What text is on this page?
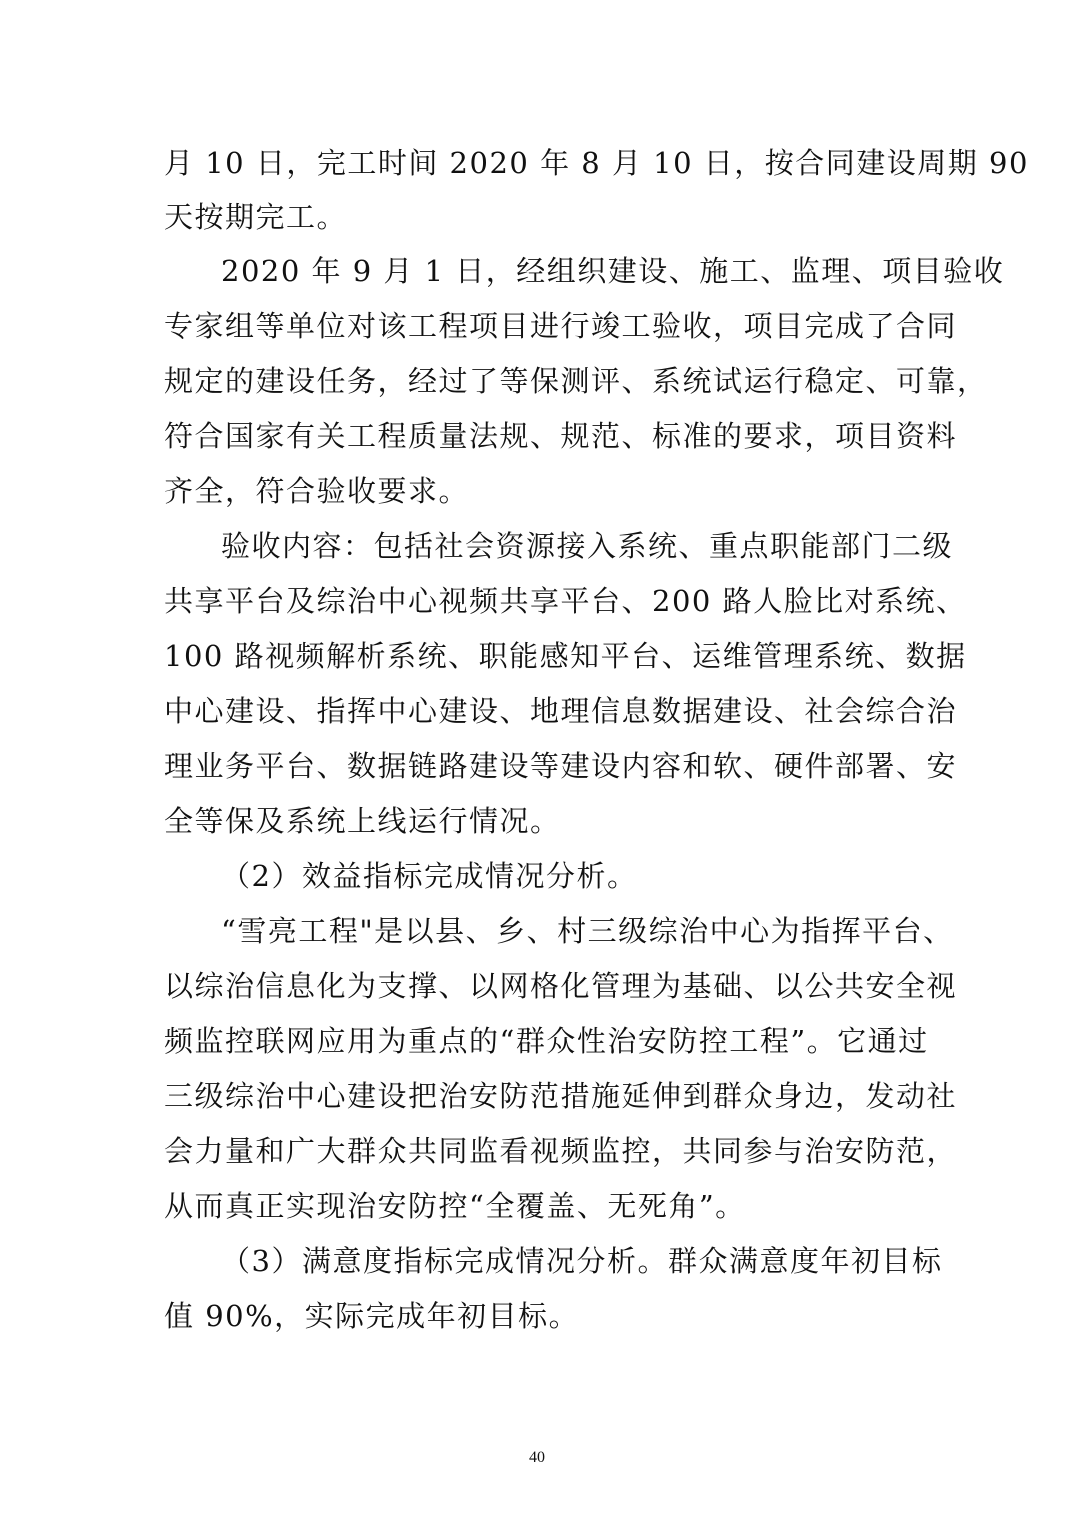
月 10 日，完工时间 2020 年 8 月 10 日，按合同建设周期 90
天按期完工。
2020 年 9 月 1 日，经组织建设、施工、监理、项目验收
专家组等单位对该工程项目进行竣工验收，项目完成了合同
规定的建设任务，经过了等保测评、系统试运行稳定、可靠，
符合国家有关工程质量法规、规范、标准的要求，项目资料
齐全，符合验收要求。
验收内容：包括社会资源接入系统、重点职能部门二级
共享平台及综治中心视频共享平台、200 路人脸比对系统、
100 路视频解析系统、职能感知平台、运维管理系统、数据
中心建设、指挥中心建设、地理信息数据建设、社会综合治
理业务平台、数据链路建设等建设内容和软、硬件部署、安
全等保及系统上线运行情况。
（2）效益指标完成情况分析。
“雪亮工程"是以县、乡、村三级综治中心为指挥平台、
以综治信息化为支撑、以网格化管理为基础、以公共安全视
频监控联网应用为重点的“群众性治安防控工程”。它通过
三级综治中心建设把治安防范措施延伸到群众身边，发动社
会力量和广大群众共同监看视频监控，共同参与治安防范，
从而真正实现治安防控“全覆盖、无死角”。
（3）满意度指标完成情况分析。群众满意度年初目标
值 90%，实际完成年初目标。
40
